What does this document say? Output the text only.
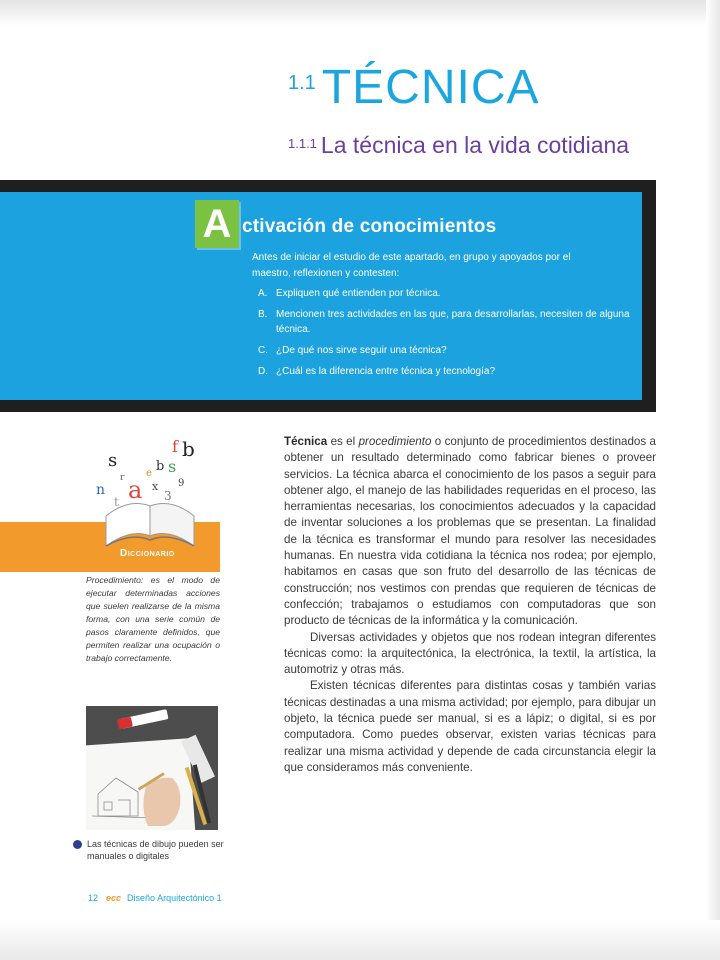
1.1 TÉCNICA
$^{1.1.1}$ La técnica en la vida cotidiana
A ctivación de conocimientos
Antes de iniciar el estudio de este apartado, en grupo y apoyados por el maestro, reflexionen y contesten:
A. Expliquen qué entienden por técnica.
B. Mencionen tres actividades en las que, para desarrollarlas, necesiten de alguna técnica.
C. ¿De qué nos sirve seguir una técnica?
D. ¿Cuál es la diferencia entre técnica y tecnología?

Técnica es el procedimiento o conjunto de procedimientos destinados a obtener un resultado determinado como fabricar bienes o proveer servicios. La técnica abarca el conocimiento de los pasos a seguir para obtener algo, el manejo de las habilidades requeridas en el proceso, las herramientas necesarias, los conocimientos adecuados y la capacidad de inventar soluciones a los problemas que se presentan. La finalidad de la técnica es transformar el mundo para resolver las necesidades humanas. En nuestra vida cotidiana la técnica nos rodea; por ejemplo, habitamos en casas que son fruto del desarrollo de las técnicas de construcción; nos vestimos con prendas que requieren de técnicas de confección; trabajamos o estudiamos con computadoras que son producto de técnicas de la informática y la comunicación.

Diversas actividades y objetos que nos rodean integran diferentes técnicas como: la arquitectónica, la electrónica, la textil, la artística, la automotriz y otras más.

Existen técnicas diferentes para distintas cosas y también varias técnicas destinadas a una misma actividad; por ejemplo, para dibujar un objeto, la técnica puede ser manual, si es a lápiz; o digital, si es por computadora. Como puedes observar, existen varias técnicas para realizar una misma actividad y depende de cada circunstancia elegir la que consideramos más conveniente.

s
f b
b s
a
n
t
x
3
9
e
r
Diccionario
Procedimiento: es el modo de ejecutar determinadas acciones que suelen realizarse de la misma forma, con una serie común de pasos claramente definidos, que permiten realizar una ocupación o trabajo correctamente.
Las técnicas de dibujo pueden ser manuales o digitales
12 ecc Diseño Arquitectónico 1
